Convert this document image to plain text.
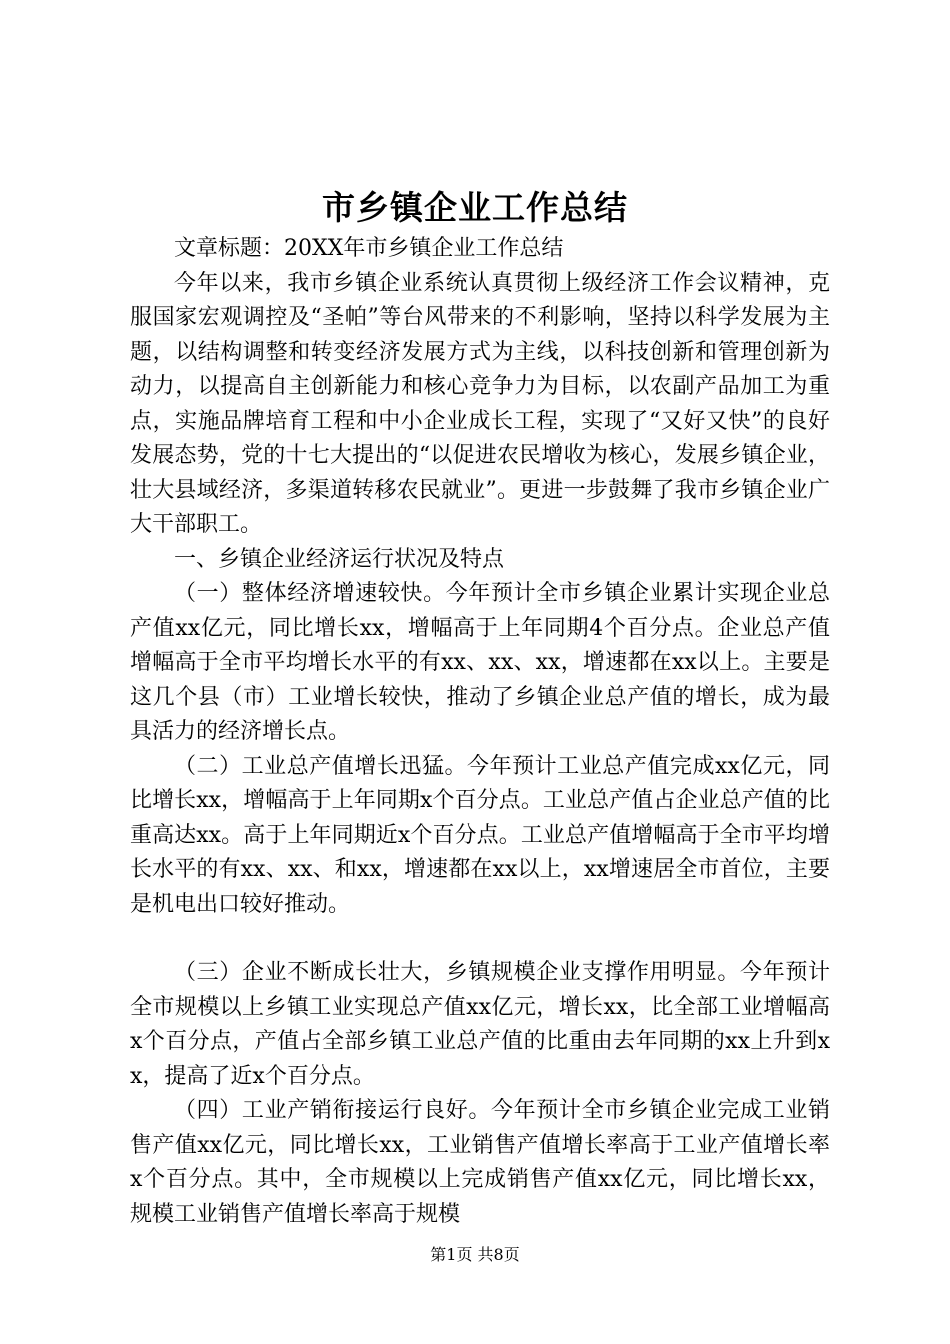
市乡镇企业工作总结

文章标题：20XX年市乡镇企业工作总结

今年以来，我市乡镇企业系统认真贯彻上级经济工作会议精神，克服国家宏观调控及“圣帕”等台风带来的不利影响，坚持以科学发展为主题，以结构调整和转变经济发展方式为主线，以科技创新和管理创新为动力，以提高自主创新能力和核心竞争力为目标，以农副产品加工为重点，实施品牌培育工程和中小企业成长工程，实现了“又好又快”的良好发展态势，党的十七大提出的“以促进农民增收为核心，发展乡镇企业，壮大县域经济，多渠道转移农民就业”。更进一步鼓舞了我市乡镇企业广大干部职工。

一、乡镇企业经济运行状况及特点

（一）整体经济增速较快。今年预计全市乡镇企业累计实现企业总产值xx亿元，同比增长xx，增幅高于上年同期4个百分点。企业总产值增幅高于全市平均增长水平的有xx、xx、xx，增速都在xx以上。主要是这几个县（市）工业增长较快，推动了乡镇企业总产值的增长，成为最具活力的经济增长点。

（二）工业总产值增长迅猛。今年预计工业总产值完成xx亿元，同比增长xx，增幅高于上年同期x个百分点。工业总产值占企业总产值的比重高达xx。高于上年同期近x个百分点。工业总产值增幅高于全市平均增长水平的有xx、xx、和xx，增速都在xx以上，xx增速居全市首位，主要是机电出口较好推动。

（三）企业不断成长壮大，乡镇规模企业支撑作用明显。今年预计全市规模以上乡镇工业实现总产值xx亿元，增长xx，比全部工业增幅高x个百分点，产值占全部乡镇工业总产值的比重由去年同期的xx上升到xx，提高了近x个百分点。

（四）工业产销衔接运行良好。今年预计全市乡镇企业完成工业销售产值xx亿元，同比增长xx，工业销售产值增长率高于工业产值增长率x个百分点。其中，全市规模以上完成销售产值xx亿元，同比增长xx，规模工业销售产值增长率高于规模

第1页 共8页
